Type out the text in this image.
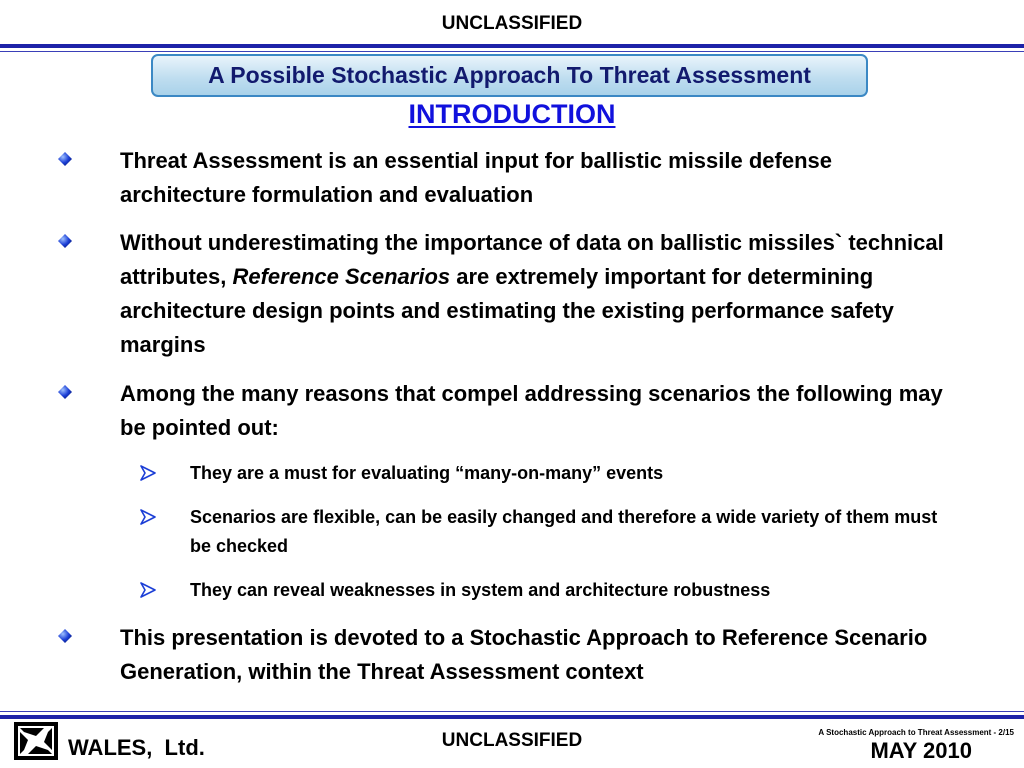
UNCLASSIFIED
A Possible Stochastic Approach To Threat Assessment
INTRODUCTION
Threat Assessment is an essential input for ballistic missile defense architecture formulation and evaluation
Without underestimating the importance of data on ballistic missiles` technical attributes, Reference Scenarios are extremely important for determining architecture design points and estimating the existing performance safety margins
Among the many reasons that compel addressing scenarios the following may be pointed out:
They are a must for evaluating “many-on-many” events
Scenarios are flexible, can be easily changed and therefore a wide variety of them must be checked
They can reveal weaknesses in system and architecture robustness
This presentation is devoted to a Stochastic Approach to Reference Scenario Generation, within the Threat Assessment context
WALES,  Ltd.	UNCLASSIFIED	A Stochastic Approach to Threat Assessment - 2/15
MAY 2010
